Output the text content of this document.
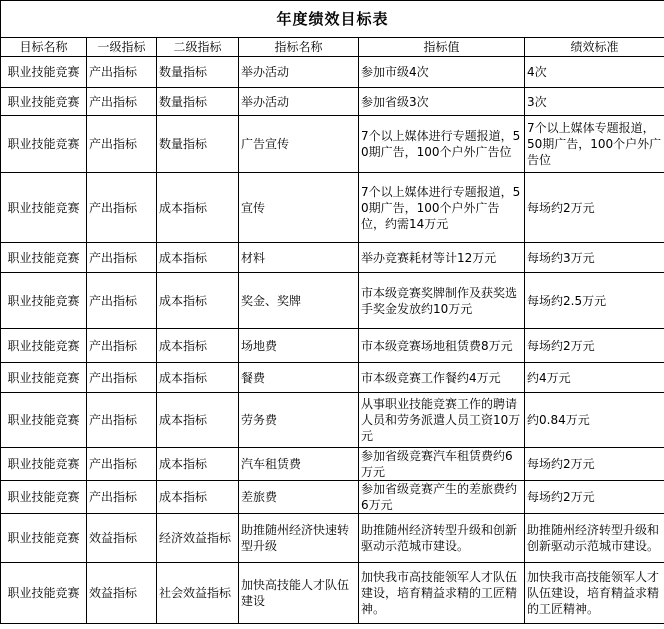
年度绩效目标表					
目标名称	一级指标	二级指标	指标名称	指标值	绩效标准
职业技能竞赛	产出指标	数量指标	举办活动	参加市级4次	4次
职业技能竞赛	产出指标	数量指标	举办活动	参加省级3次	3次
职业技能竞赛	产出指标	数量指标	广告宣传	7个以上媒体进行专题报道，50期广告，100个户外广告位	7个以上媒体专题报道，50期广告，100个户外广告位
职业技能竞赛	产出指标	成本指标	宣传	7个以上媒体进行专题报道，50期广告，100个户外广告位，约需14万元	每场约2万元
职业技能竞赛	产出指标	成本指标	材料	举办竞赛耗材等计12万元	每场约3万元
职业技能竞赛	产出指标	成本指标	奖金、奖牌	市本级竞赛奖牌制作及获奖选手奖金发放约10万元	每场约2.5万元
职业技能竞赛	产出指标	成本指标	场地费	市本级竞赛场地租赁费8万元	每场约2万元
职业技能竞赛	产出指标	成本指标	餐费	市本级竞赛工作餐约4万元	约4万元
职业技能竞赛	产出指标	成本指标	劳务费	从事职业技能竞赛工作的聘请人员和劳务派遣人员工资10万元	约0.84万元
职业技能竞赛	产出指标	成本指标	汽车租赁费	参加省级竞赛汽车租赁费约6万元	每场约2万元
职业技能竞赛	产出指标	成本指标	差旅费	参加省级竞赛产生的差旅费约6万元	每场约2万元
职业技能竞赛	效益指标	经济效益指标	助推随州经济快速转型升级	助推随州经济转型升级和创新驱动示范城市建设。	助推随州经济转型升级和创新驱动示范城市建设。
职业技能竞赛	效益指标	社会效益指标	加快高技能人才队伍建设	加快我市高技能领军人才队伍建设，培育精益求精的工匠精神。	加快我市高技能领军人才队伍建设，培育精益求精的工匠精神。
